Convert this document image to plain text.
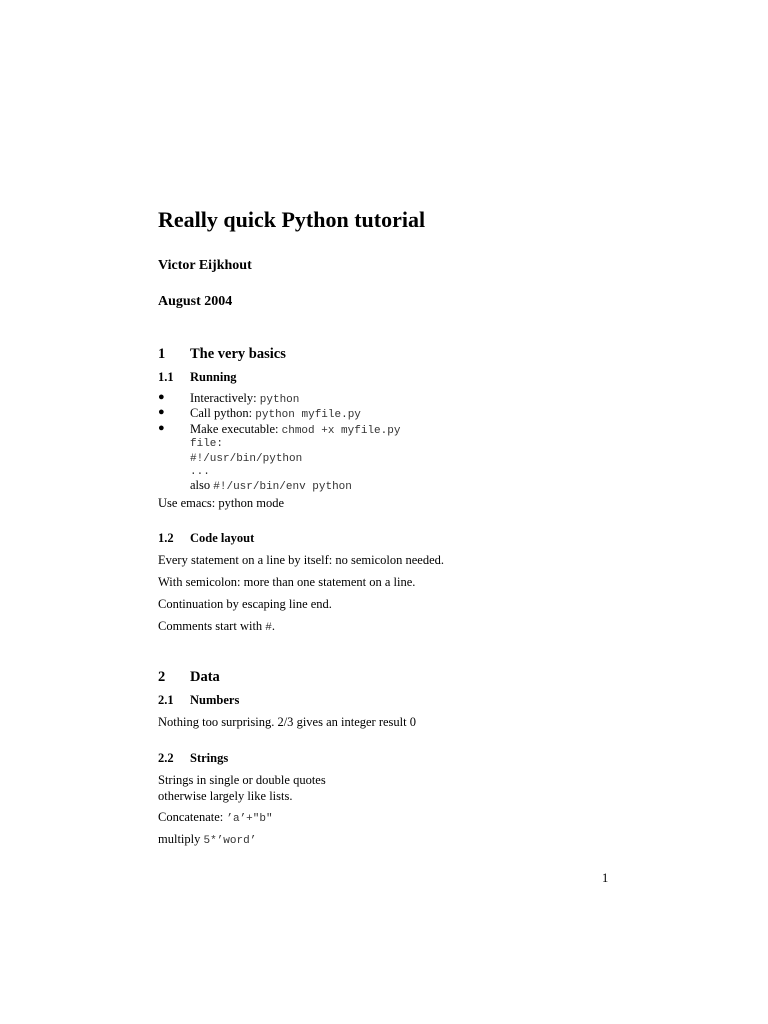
Really quick Python tutorial
Victor Eijkhout
August 2004
1 The very basics
1.1 Running
● Interactively: python
● Call python: python myfile.py
● Make executable: chmod +x myfile.py
file:
#!/usr/bin/python
...
also #!/usr/bin/env python
Use emacs: python mode
1.2 Code layout
Every statement on a line by itself: no semicolon needed.
With semicolon: more than one statement on a line.
Continuation by escaping line end.
Comments start with #.
2 Data
2.1 Numbers
Nothing too surprising. 2/3 gives an integer result 0
2.2 Strings
Strings in single or double quotes
otherwise largely like lists.
Concatenate: ’a’+"b"
multiply 5*’word’
1
